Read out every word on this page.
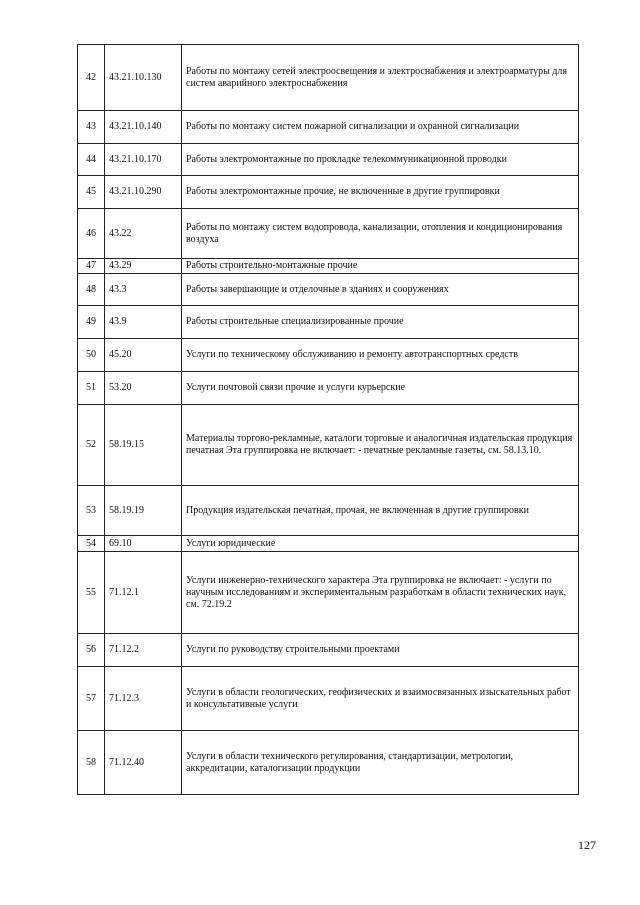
42	43.21.10.130	Работы по монтажу сетей электроосвещения и электроснабжения и электроарматуры для систем аварийного электроснабжения
43	43.21.10.140	Работы по монтажу систем пожарной сигнализации и охранной сигнализации
44	43.21.10.170	Работы электромонтажные по прокладке телекоммуникационной проводки
45	43.21.10.290	Работы электромонтажные прочие, не включенные в другие группировки
46	43.22	Работы по монтажу систем водопровода, канализации, отопления и кондиционирования воздуха
47	43.29	Работы строительно-монтажные прочие
48	43.3	Работы завершающие и отделочные в зданиях и сооружениях
49	43.9	Работы строительные специализированные прочие
50	45.20	Услуги по техническому обслуживанию и ремонту автотранспортных средств
51	53.20	Услуги почтовой связи прочие и услуги курьерские
52	58.19.15	Материалы торгово-рекламные, каталоги торговые и аналогичная издательская продукция печатная Эта группировка не включает: - печатные рекламные газеты, см. 58.13.10.
53	58.19.19	Продукция издательская печатная, прочая, не включенная в другие группировки
54	69.10	Услуги юридические
55	71.12.1	Услуги инженерно-технического характера Эта группировка не включает: - услуги по научным исследованиям и экспериментальным разработкам в области технических наук, см. 72.19.2
56	71.12.2	Услуги по руководству строительными проектами
57	71.12.3	Услуги в области геологических, геофизических и взаимосвязанных изыскательных работ и консультативные услуги
58	71.12.40	Услуги в области технического регулирования, стандартизации, метрологии, аккредитации, каталогизации продукции
127
